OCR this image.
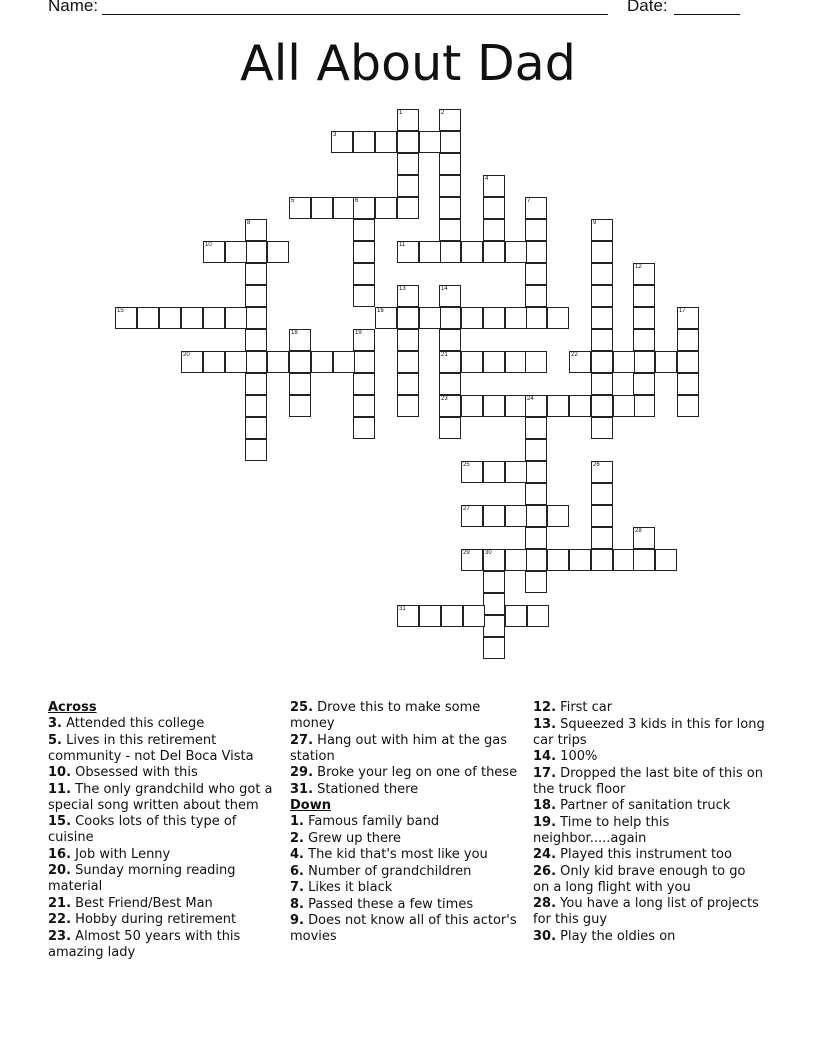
Name:	Date:
All About Dad
1	2
3
4
5	6	7
8	9
10	11
12
13	14
15	16	17
18	19
20	21	22
23	24
25	26
27
28
29	30
31
Across
3. Attended this college
5. Lives in this retirement community - not Del Boca Vista
10. Obsessed with this
11. The only grandchild who got a special song written about them
15. Cooks lots of this type of cuisine
16. Job with Lenny
20. Sunday morning reading material
21. Best Friend/Best Man
22. Hobby during retirement
23. Almost 50 years with this amazing lady
25. Drove this to make some money
27. Hang out with him at the gas station
29. Broke your leg on one of these
31. Stationed there
Down
1. Famous family band
2. Grew up there
4. The kid that's most like you
6. Number of grandchildren
7. Likes it black
8. Passed these a few times
9. Does not know all of this actor's movies
12. First car
13. Squeezed 3 kids in this for long car trips
14. 100%
17. Dropped the last bite of this on the truck floor
18. Partner of sanitation truck
19. Time to help this neighbor.....again
24. Played this instrument too
26. Only kid brave enough to go on a long flight with you
28. You have a long list of projects for this guy
30. Play the oldies on
